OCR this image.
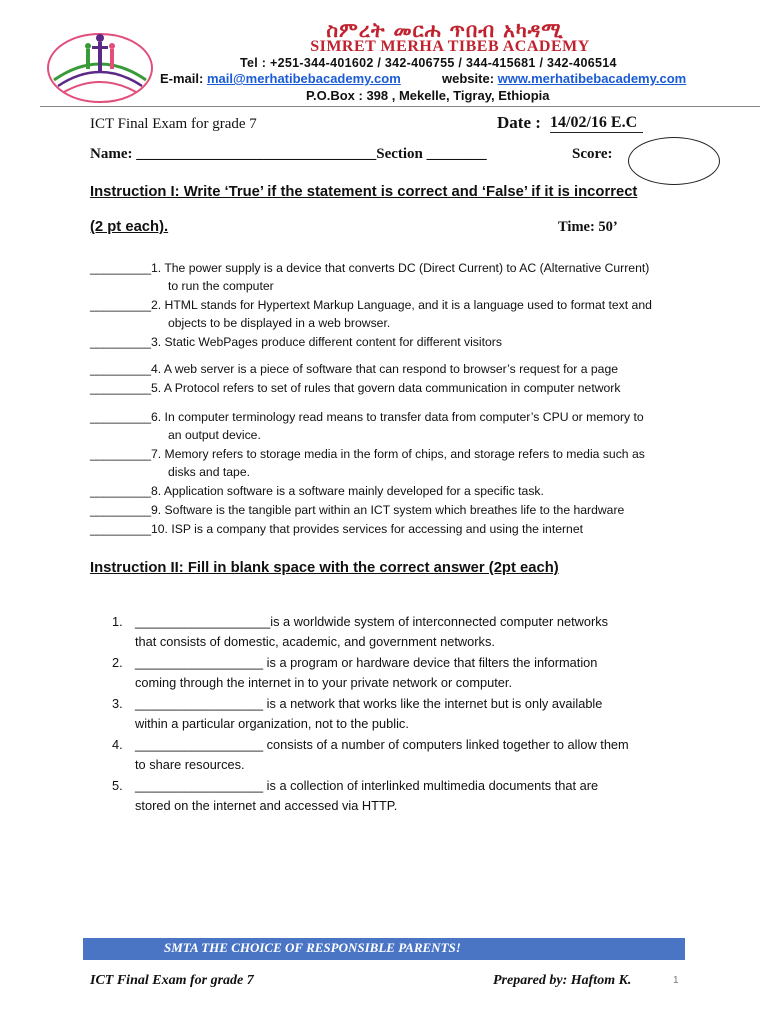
ስምረት መርሐ ጥበብ አካዳሚ
SIMRET MERHA TIBEB ACADEMY
Tel : +251-344-401602 / 342-406755 / 344-415681 / 342-406514
E-mail: mail@merhatibebacademy.com	website: www.merhatibebacademy.com
P.O.Box : 398 , Mekelle, Tigray, Ethiopia
ICT Final Exam for grade 7	Date : 14/02/16 E.C
Name: ________________________________Section ________	Score:
Instruction I: Write ‘True’ if the statement is correct and ‘False’ if it is incorrect
(2 pt each).	Time: 50’
_________1. The power supply is a device that converts DC (Direct Current) to AC (Alternative Current)
to run the computer
_________2. HTML stands for Hypertext Markup Language, and it is a language used to format text and
objects to be displayed in a web browser.
_________3. Static WebPages produce different content for different visitors
_________4. A web server is a piece of software that can respond to browser’s request for a page
_________5. A Protocol refers to set of rules that govern data communication in computer network
_________6. In computer terminology read means to transfer data from computer’s CPU or memory to
an output device.
_________7. Memory refers to storage media in the form of chips, and storage refers to media such as
disks and tape.
_________8. Application software is a software mainly developed for a specific task.
_________9. Software is the tangible part within an ICT system which breathes life to the hardware
_________10. ISP is a company that provides services for accessing and using the internet
Instruction II: Fill in blank space with the correct answer (2pt each)
1. ___________________is a worldwide system of interconnected computer networks
that consists of domestic, academic, and government networks.
2. __________________ is a program or hardware device that filters the information
coming through the internet in to your private network or computer.
3. __________________ is a network that works like the internet but is only available
within a particular organization, not to the public.
4. __________________ consists of a number of computers linked together to allow them
to share resources.
5. __________________ is a collection of interlinked multimedia documents that are
stored on the internet and accessed via HTTP.
SMTA THE CHOICE OF RESPONSIBLE PARENTS!
ICT Final Exam for grade 7	Prepared by: Haftom K.	1
